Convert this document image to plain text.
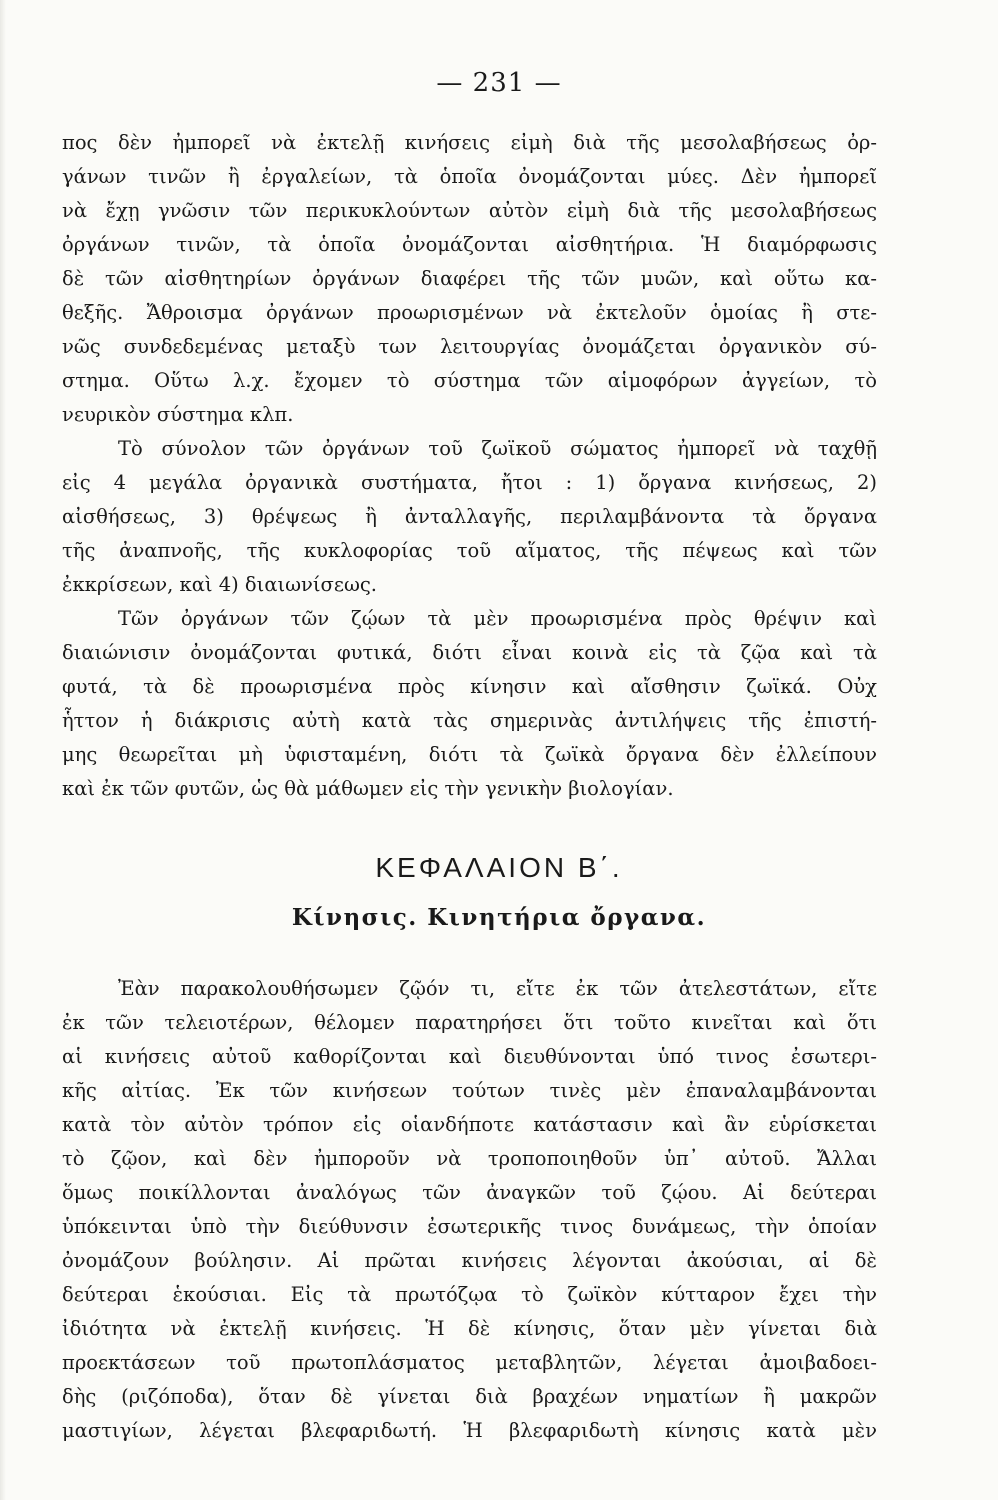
— 231 —
πος δὲν ἠμπορεῖ νὰ ἐκτελῇ κινήσεις εἰμὴ διὰ τῆς μεσολαβήσεως ὀρ-
γάνων τινῶν ἢ ἐργαλείων, τὰ ὁποῖα ὀνομάζονται μύες. Δὲν ἠμπορεῖ
νὰ ἔχῃ γνῶσιν τῶν περικυκλούντων αὐτὸν εἰμὴ διὰ τῆς μεσολαβήσεως
ὀργάνων τινῶν, τὰ ὁποῖα ὀνομάζονται αἰσθητήρια. Ἡ διαμόρφωσις
δὲ τῶν αἰσθητηρίων ὀργάνων διαφέρει τῆς τῶν μυῶν, καὶ οὕτω κα-
θεξῆς. Ἄθροισμα ὀργάνων προωρισμένων νὰ ἐκτελοῦν ὁμοίας ἢ στε-
νῶς συνδεδεμένας μεταξὺ των λειτουργίας ὀνομάζεται ὀργανικὸν σύ-
στημα. Οὕτω λ.χ. ἔχομεν τὸ σύστημα τῶν αἱμοφόρων ἀγγείων, τὸ
νευρικὸν σύστημα κλπ.
Τὸ σύνολον τῶν ὀργάνων τοῦ ζωϊκοῦ σώματος ἠμπορεῖ νὰ ταχθῇ
εἰς 4 μεγάλα ὀργανικὰ συστήματα, ἤτοι : 1) ὄργανα κινήσεως, 2)
αἰσθήσεως, 3) θρέψεως ἢ ἀνταλλαγῆς, περιλαμβάνοντα τὰ ὄργανα
τῆς ἀναπνοῆς, τῆς κυκλοφορίας τοῦ αἵματος, τῆς πέψεως καὶ τῶν
ἐκκρίσεων, καὶ 4) διαιωνίσεως.
Τῶν ὀργάνων τῶν ζῴων τὰ μὲν προωρισμένα πρὸς θρέψιν καὶ
διαιώνισιν ὀνομάζονται φυτικά, διότι εἶναι κοινὰ εἰς τὰ ζῷα καὶ τὰ
φυτά, τὰ δὲ προωρισμένα πρὸς κίνησιν καὶ αἴσθησιν ζωϊκά. Οὐχ
ἧττον ἡ διάκρισις αὐτὴ κατὰ τὰς σημερινὰς ἀντιλήψεις τῆς ἐπιστή-
μης θεωρεῖται μὴ ὑφισταμένη, διότι τὰ ζωϊκὰ ὄργανα δὲν ἐλλείπουν
καὶ ἐκ τῶν φυτῶν, ὡς θὰ μάθωμεν εἰς τὴν γενικὴν βιολογίαν.
ΚΕΦΑΛΑΙΟΝ Β΄.
Κίνησις. Κινητήρια ὄργανα.
Ἐὰν παρακολουθήσωμεν ζῷόν τι, εἴτε ἐκ τῶν ἀτελεστάτων, εἴτε
ἐκ τῶν τελειοτέρων, θέλομεν παρατηρήσει ὅτι τοῦτο κινεῖται καὶ ὅτι
αἱ κινήσεις αὐτοῦ καθορίζονται καὶ διευθύνονται ὑπό τινος ἐσωτερι-
κῆς αἰτίας. Ἐκ τῶν κινήσεων τούτων τινὲς μὲν ἐπαναλαμβάνονται
κατὰ τὸν αὐτὸν τρόπον εἰς οἱανδήποτε κατάστασιν καὶ ἂν εὑρίσκεται
τὸ ζῷον, καὶ δὲν ἠμποροῦν νὰ τροποποιηθοῦν ὑπ᾿ αὐτοῦ. Ἄλλαι
ὅμως ποικίλλονται ἀναλόγως τῶν ἀναγκῶν τοῦ ζῴου. Αἱ δεύτεραι
ὑπόκεινται ὑπὸ τὴν διεύθυνσιν ἐσωτερικῆς τινος δυνάμεως, τὴν ὁποίαν
ὀνομάζουν βούλησιν. Αἱ πρῶται κινήσεις λέγονται ἀκούσιαι, αἱ δὲ
δεύτεραι ἑκούσιαι. Εἰς τὰ πρωτόζῳα τὸ ζωϊκὸν κύτταρον ἔχει τὴν
ἰδιότητα νὰ ἐκτελῇ κινήσεις. Ἡ δὲ κίνησις, ὅταν μὲν γίνεται διὰ
προεκτάσεων τοῦ πρωτοπλάσματος μεταβλητῶν, λέγεται ἀμοιβαδοει-
δὴς (ριζόποδα), ὅταν δὲ γίνεται διὰ βραχέων νηματίων ἢ μακρῶν
μαστιγίων, λέγεται βλεφαριδωτή. Ἡ βλεφαριδωτὴ κίνησις κατὰ μὲν
